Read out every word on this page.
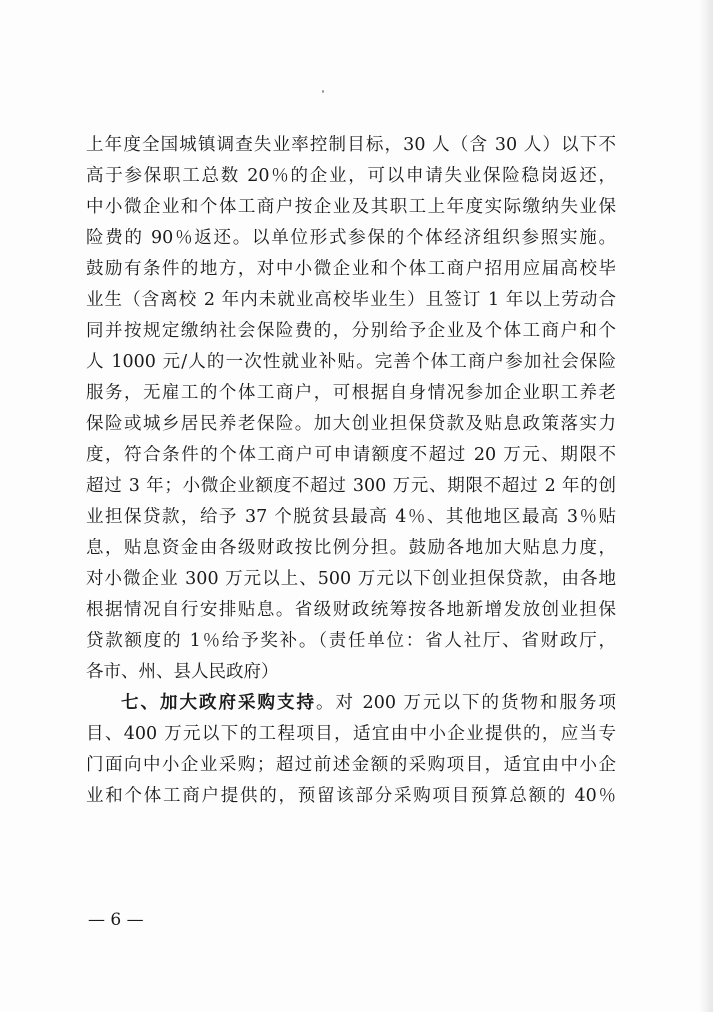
上年度全国城镇调查失业率控制目标，30 人（含 30 人）以下不
高于参保职工总数 20％的企业，可以申请失业保险稳岗返还，
中小微企业和个体工商户按企业及其职工上年度实际缴纳失业保
险费的 90％返还。以单位形式参保的个体经济组织参照实施。
鼓励有条件的地方，对中小微企业和个体工商户招用应届高校毕
业生（含离校 2 年内未就业高校毕业生）且签订 1 年以上劳动合
同并按规定缴纳社会保险费的，分别给予企业及个体工商户和个
人 1000 元/人的一次性就业补贴。完善个体工商户参加社会保险
服务，无雇工的个体工商户，可根据自身情况参加企业职工养老
保险或城乡居民养老保险。加大创业担保贷款及贴息政策落实力
度，符合条件的个体工商户可申请额度不超过 20 万元、期限不
超过 3 年；小微企业额度不超过 300 万元、期限不超过 2 年的创
业担保贷款，给予 37 个脱贫县最高 4％、其他地区最高 3％贴
息，贴息资金由各级财政按比例分担。鼓励各地加大贴息力度，
对小微企业 300 万元以上、500 万元以下创业担保贷款，由各地
根据情况自行安排贴息。省级财政统筹按各地新增发放创业担保
贷款额度的 1％给予奖补。（责任单位：省人社厅、省财政厅，
各市、州、县人民政府）
七、加大政府采购支持。对 200 万元以下的货物和服务项
目、400 万元以下的工程项目，适宜由中小企业提供的，应当专
门面向中小企业采购；超过前述金额的采购项目，适宜由中小企
业和个体工商户提供的，预留该部分采购项目预算总额的 40％
— 6 —
